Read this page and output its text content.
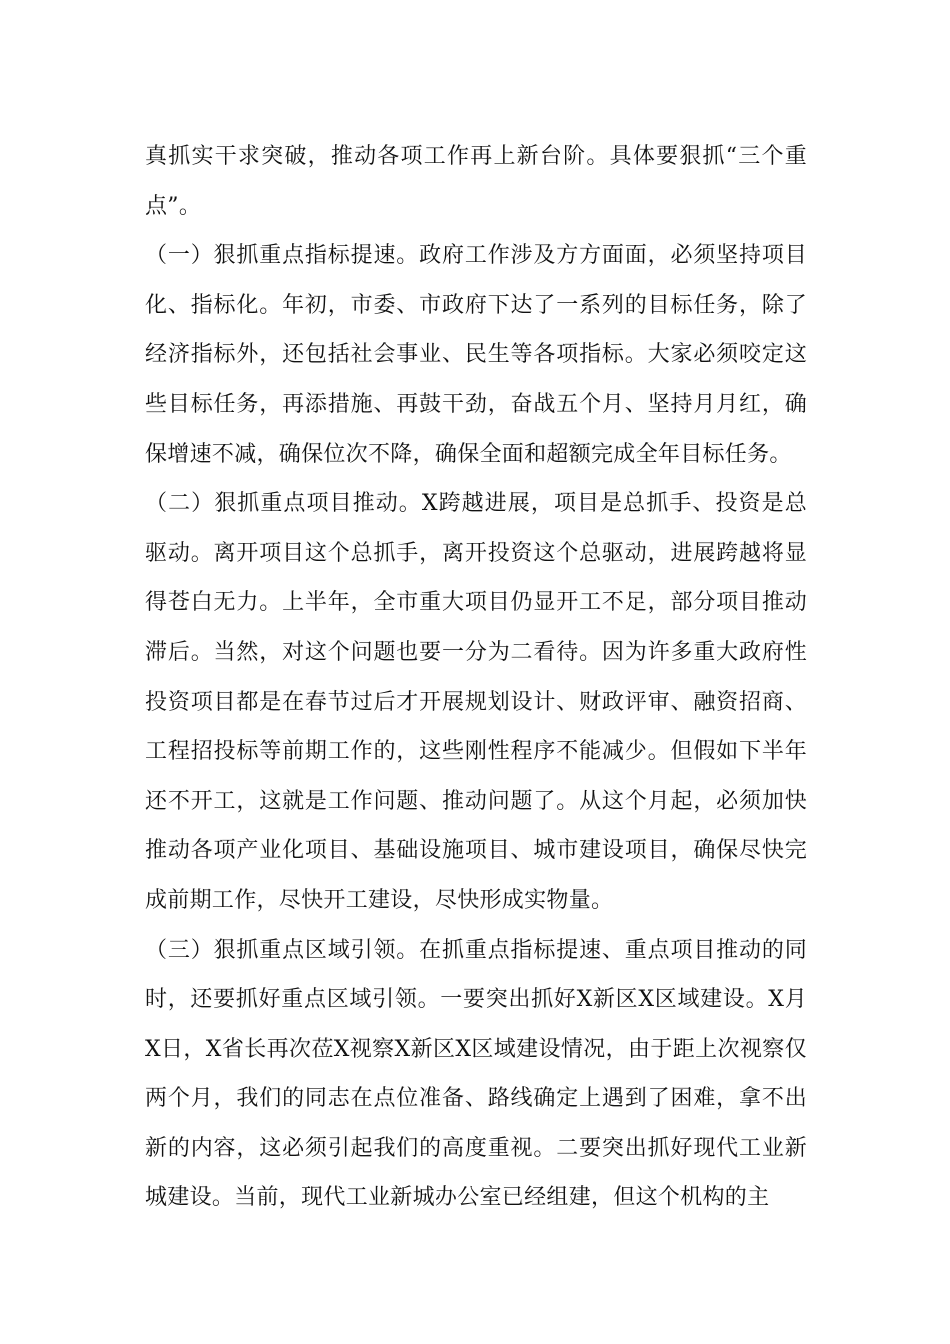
真抓实干求突破，推动各项工作再上新台阶。具体要狠抓“三个重点”。

（一）狠抓重点指标提速。政府工作涉及方方面面，必须坚持项目化、指标化。年初，市委、市政府下达了一系列的目标任务，除了经济指标外，还包括社会事业、民生等各项指标。大家必须咬定这些目标任务，再添措施、再鼓干劲，奋战五个月、坚持月月红，确保增速不减，确保位次不降，确保全面和超额完成全年目标任务。

（二）狠抓重点项目推动。X跨越进展，项目是总抓手、投资是总驱动。离开项目这个总抓手，离开投资这个总驱动，进展跨越将显得苍白无力。上半年，全市重大项目仍显开工不足，部分项目推动滞后。当然，对这个问题也要一分为二看待。因为许多重大政府性投资项目都是在春节过后才开展规划设计、财政评审、融资招商、工程招投标等前期工作的，这些刚性程序不能减少。但假如下半年还不开工，这就是工作问题、推动问题了。从这个月起，必须加快推动各项产业化项目、基础设施项目、城市建设项目，确保尽快完成前期工作，尽快开工建设，尽快形成实物量。

（三）狠抓重点区域引领。在抓重点指标提速、重点项目推动的同时，还要抓好重点区域引领。一要突出抓好X新区X区域建设。X月X日，X省长再次莅X视察X新区X区域建设情况，由于距上次视察仅两个月，我们的同志在点位准备、路线确定上遇到了困难，拿不出新的内容，这必须引起我们的高度重视。二要突出抓好现代工业新城建设。当前，现代工业新城办公室已经组建，但这个机构的主
